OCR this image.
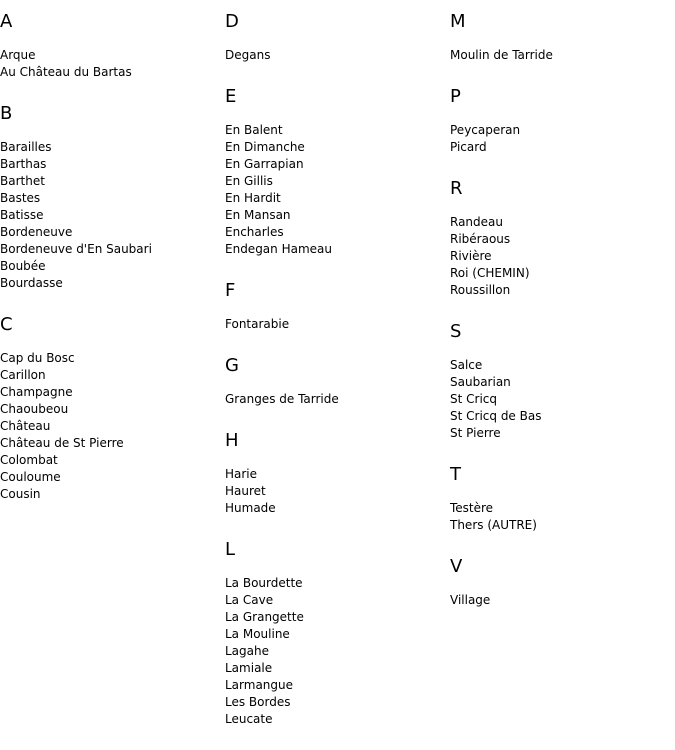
A
Arque
Au Château du Bartas
B
Barailles
Barthas
Barthet
Bastes
Batisse
Bordeneuve
Bordeneuve d'En Saubari
Boubée
Bourdasse
C
Cap du Bosc
Carillon
Champagne
Chaoubeou
Château
Château de St Pierre
Colombat
Couloume
Cousin
D
Degans
E
En Balent
En Dimanche
En Garrapian
En Gillis
En Hardit
En Mansan
Encharles
Endegan Hameau
F
Fontarabie
G
Granges de Tarride
H
Harie
Hauret
Humade
L
La Bourdette
La Cave
La Grangette
La Mouline
Lagahe
Lamiale
Larmangue
Les Bordes
Leucate
M
Moulin de Tarride
P
Peycaperan
Picard
R
Randeau
Ribéraous
Rivière
Roi (CHEMIN)
Roussillon
S
Salce
Saubarian
St Cricq
St Cricq de Bas
St Pierre
T
Testère
Thers (AUTRE)
V
Village
